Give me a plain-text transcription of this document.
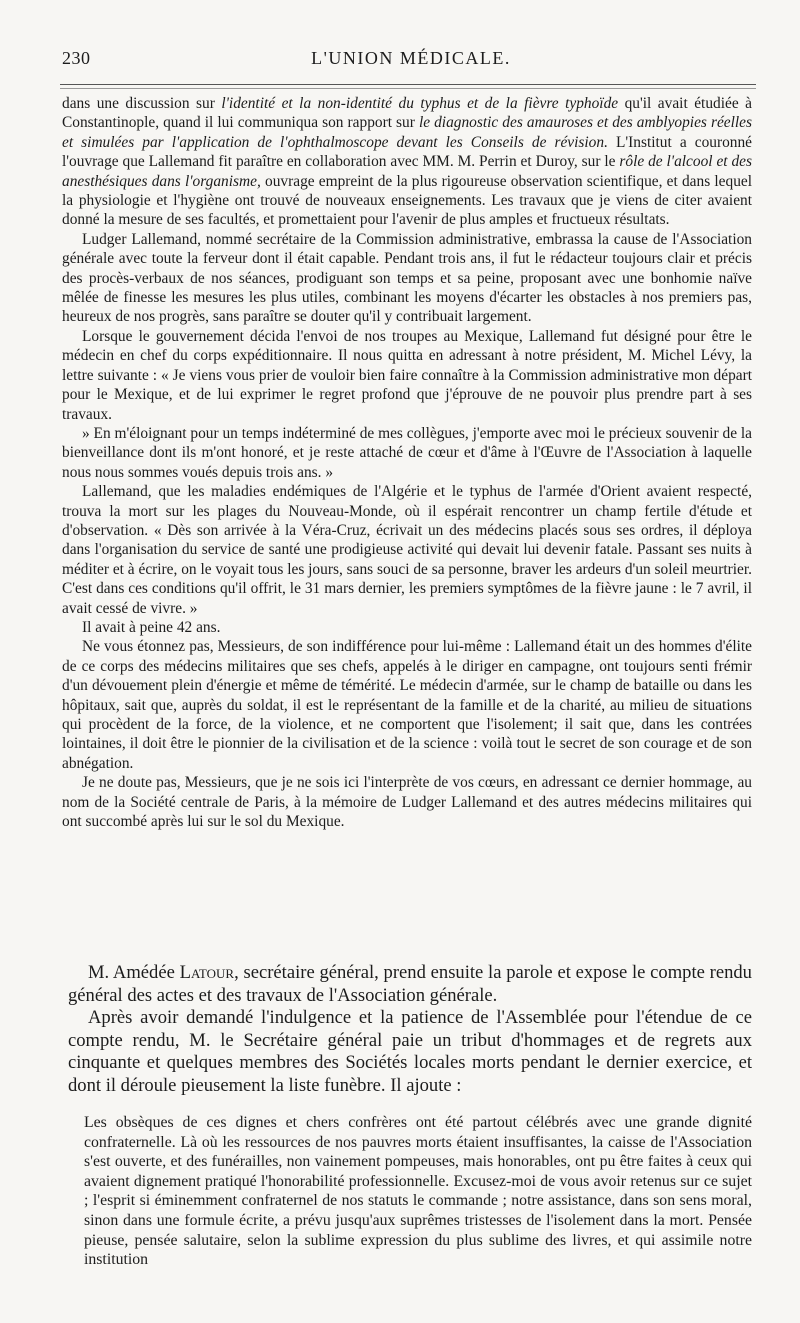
230	L'UNION MÉDICALE.

dans une discussion sur l'identité et la non-identité du typhus et de la fièvre typhoïde qu'il avait étudiée à Constantinople, quand il lui communiqua son rapport sur le diagnostic des amauroses et des amblyopies réelles et simulées par l'application de l'ophthalmoscope devant les Conseils de révision. L'Institut a couronné l'ouvrage que Lallemand fit paraître en collaboration avec MM. M. Perrin et Duroy, sur le rôle de l'alcool et des anesthésiques dans l'organisme, ouvrage empreint de la plus rigoureuse observation scientifique, et dans lequel la physiologie et l'hygiène ont trouvé de nouveaux enseignements. Les travaux que je viens de citer avaient donné la mesure de ses facultés, et promettaient pour l'avenir de plus amples et fructueux résultats.

Ludger Lallemand, nommé secrétaire de la Commission administrative, embrassa la cause de l'Association générale avec toute la ferveur dont il était capable. Pendant trois ans, il fut le rédacteur toujours clair et précis des procès-verbaux de nos séances, prodiguant son temps et sa peine, proposant avec une bonhomie naïve mêlée de finesse les mesures les plus utiles, combinant les moyens d'écarter les obstacles à nos premiers pas, heureux de nos progrès, sans paraître se douter qu'il y contribuait largement.

Lorsque le gouvernement décida l'envoi de nos troupes au Mexique, Lallemand fut désigné pour être le médecin en chef du corps expéditionnaire. Il nous quitta en adressant à notre président, M. Michel Lévy, la lettre suivante : « Je viens vous prier de vouloir bien faire connaître à la Commission administrative mon départ pour le Mexique, et de lui exprimer le regret profond que j'éprouve de ne pouvoir plus prendre part à ses travaux.

» En m'éloignant pour un temps indéterminé de mes collègues, j'emporte avec moi le précieux souvenir de la bienveillance dont ils m'ont honoré, et je reste attaché de cœur et d'âme à l'Œuvre de l'Association à laquelle nous nous sommes voués depuis trois ans. »

Lallemand, que les maladies endémiques de l'Algérie et le typhus de l'armée d'Orient avaient respecté, trouva la mort sur les plages du Nouveau-Monde, où il espérait rencontrer un champ fertile d'étude et d'observation. « Dès son arrivée à la Véra-Cruz, écrivait un des médecins placés sous ses ordres, il déploya dans l'organisation du service de santé une prodigieuse activité qui devait lui devenir fatale. Passant ses nuits à méditer et à écrire, on le voyait tous les jours, sans souci de sa personne, braver les ardeurs d'un soleil meurtrier. C'est dans ces conditions qu'il offrit, le 31 mars dernier, les premiers symptômes de la fièvre jaune : le 7 avril, il avait cessé de vivre. »

Il avait à peine 42 ans.

Ne vous étonnez pas, Messieurs, de son indifférence pour lui-même : Lallemand était un des hommes d'élite de ce corps des médecins militaires que ses chefs, appelés à le diriger en campagne, ont toujours senti frémir d'un dévouement plein d'énergie et même de témérité. Le médecin d'armée, sur le champ de bataille ou dans les hôpitaux, sait que, auprès du soldat, il est le représentant de la famille et de la charité, au milieu de situations qui procèdent de la force, de la violence, et ne comportent que l'isolement; il sait que, dans les contrées lointaines, il doit être le pionnier de la civilisation et de la science : voilà tout le secret de son courage et de son abnégation.

Je ne doute pas, Messieurs, que je ne sois ici l'interprète de vos cœurs, en adressant ce dernier hommage, au nom de la Société centrale de Paris, à la mémoire de Ludger Lallemand et des autres médecins militaires qui ont succombé après lui sur le sol du Mexique.

M. Amédée Latour, secrétaire général, prend ensuite la parole et expose le compte rendu général des actes et des travaux de l'Association générale.

Après avoir demandé l'indulgence et la patience de l'Assemblée pour l'étendue de ce compte rendu, M. le Secrétaire général paie un tribut d'hommages et de regrets aux cinquante et quelques membres des Sociétés locales morts pendant le dernier exercice, et dont il déroule pieusement la liste funèbre. Il ajoute :

Les obsèques de ces dignes et chers confrères ont été partout célébrés avec une grande dignité confraternelle. Là où les ressources de nos pauvres morts étaient insuffisantes, la caisse de l'Association s'est ouverte, et des funérailles, non vainement pompeuses, mais honorables, ont pu être faites à ceux qui avaient dignement pratiqué l'honorabilité professionnelle. Excusez-moi de vous avoir retenus sur ce sujet ; l'esprit si éminemment confraternel de nos statuts le commande ; notre assistance, dans son sens moral, sinon dans une formule écrite, a prévu jusqu'aux suprêmes tristesses de l'isolement dans la mort. Pensée pieuse, pensée salutaire, selon la sublime expression du plus sublime des livres, et qui assimile notre institution
